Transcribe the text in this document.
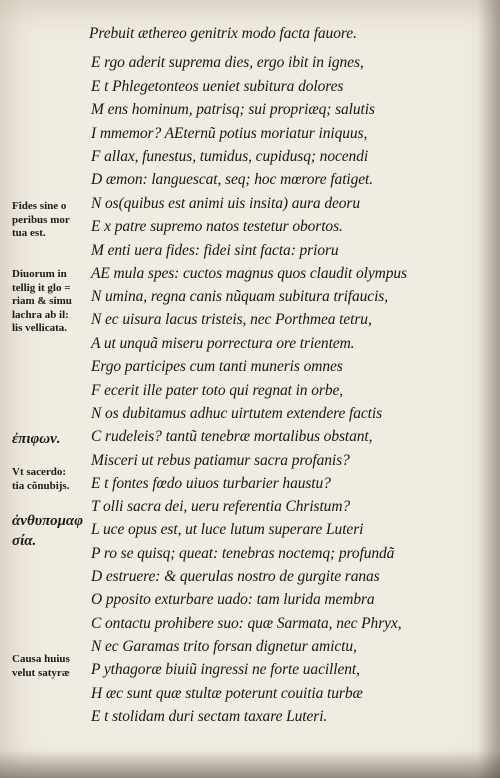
Prebuit æthereo genitrix modo facta fauore.
E rgo aderit suprema dies, ergo ibit in ignes,
E t Phlegetonteos ueniet subitura dolores
M ens hominum, patrisq; sui propriæq; salutis
I mmemor? AEternũ potius moriatur iniquus,
F allax, funestus, tumidus, cupidusq; nocendi
D æmon: languescat, seq; hoc mœrore fatiget.
N os(quibus est animi uis insita) aura deoru
E x patre supremo natos testetur obortos.
M enti uera fides: fidei sint facta: prioru
AE mula spes: cuctos magnus quos claudit olympus
N umina, regna canis nũquam subitura trifaucis,
N ec uisura lacus tristeis, nec Porthmea tetru,
A ut unquã miseru porrectura ore trientem.
Ergo participes cum tanti muneris omnes
F ecerit ille pater toto qui regnat in orbe,
N os dubitamus adhuc uirtutem extendere factis
C rudeleis? tantũ tenebræ mortalibus obstant,
Misceri ut rebus patiamur sacra profanis?
E t fontes fœdo uiuos turbarier haustu?
T olli sacra dei, ueru referentia Christum?
L uce opus est, ut luce lutum superare Luteri
P ro se quisq; queat: tenebras noctemq; profundã
D estruere: & querulas nostro de gurgite ranas
O pposito exturbare uado: tam lurida membra
C ontactu prohibere suo: quæ Sarmata, nec Phryx,
N ec Garamas trito forsan dignetur amictu,
P ythagoræ biuiũ ingressi ne forte uacillent,
H æc sunt quæ stultæ poterunt couitia turbæ
E t stolidam duri sectam taxare Luteri.
Fides sine o
peribus mor
tua est.
Diuorum in
tellig it glo =
riam & simu
lachra ab il:
lis vellicata.
ἐπιφων.
Vt sacerdo:
tia cõnubijs.
ἀνθυπομαφ
σία.
Causa huius
velut satyræ
